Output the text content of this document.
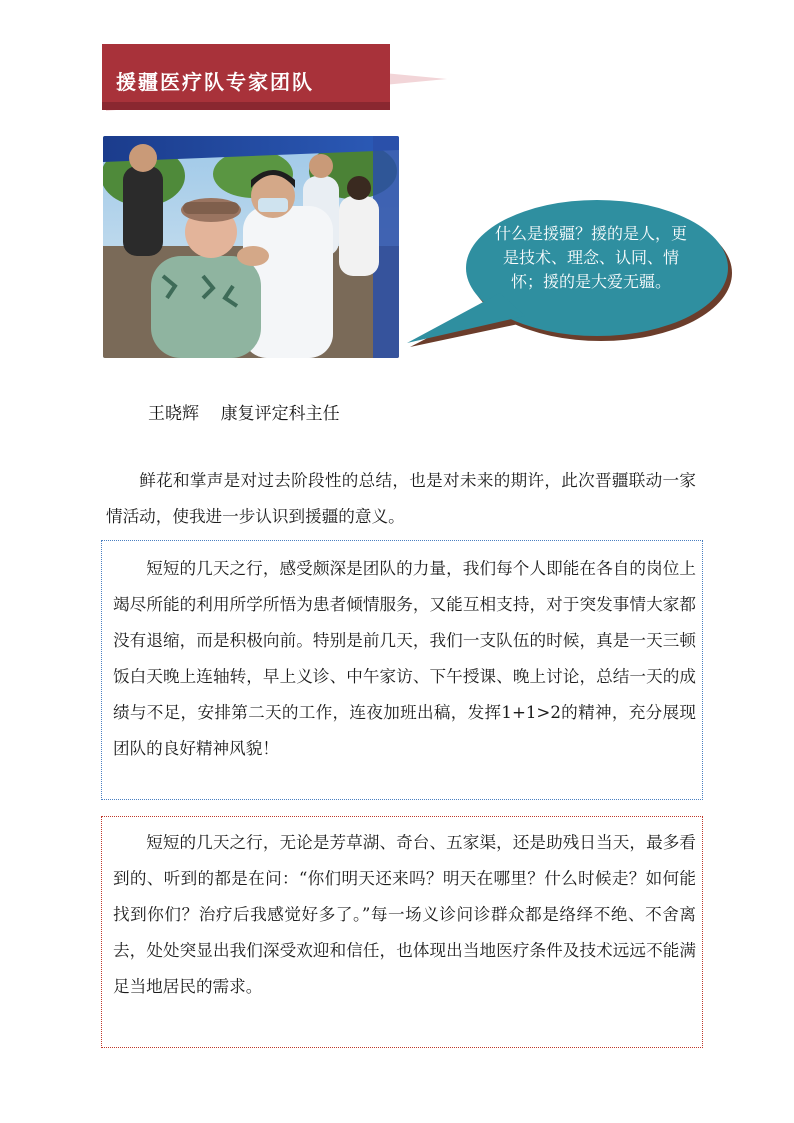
援疆医疗队专家团队
什么是援疆？援的是人，更是技术、理念、认同、情怀；援的是大爱无疆。
王晓辉 康复评定科主任

鲜花和掌声是对过去阶段性的总结，也是对未来的期许，此次晋疆联动一家情活动，使我进一步认识到援疆的意义。

短短的几天之行，感受颇深是团队的力量，我们每个人即能在各自的岗位上竭尽所能的利用所学所悟为患者倾情服务，又能互相支持，对于突发事情大家都没有退缩，而是积极向前。特别是前几天，我们一支队伍的时候，真是一天三顿饭白天晚上连轴转，早上义诊、中午家访、下午授课、晚上讨论，总结一天的成绩与不足，安排第二天的工作，连夜加班出稿，发挥1+1>2的精神，充分展现团队的良好精神风貌！

短短的几天之行，无论是芳草湖、奇台、五家渠，还是助残日当天，最多看到的、听到的都是在问：“你们明天还来吗？明天在哪里？什么时候走？如何能找到你们？治疗后我感觉好多了。”每一场义诊问诊群众都是络绎不绝、不舍离去，处处突显出我们深受欢迎和信任，也体现出当地医疗条件及技术远远不能满足当地居民的需求。
